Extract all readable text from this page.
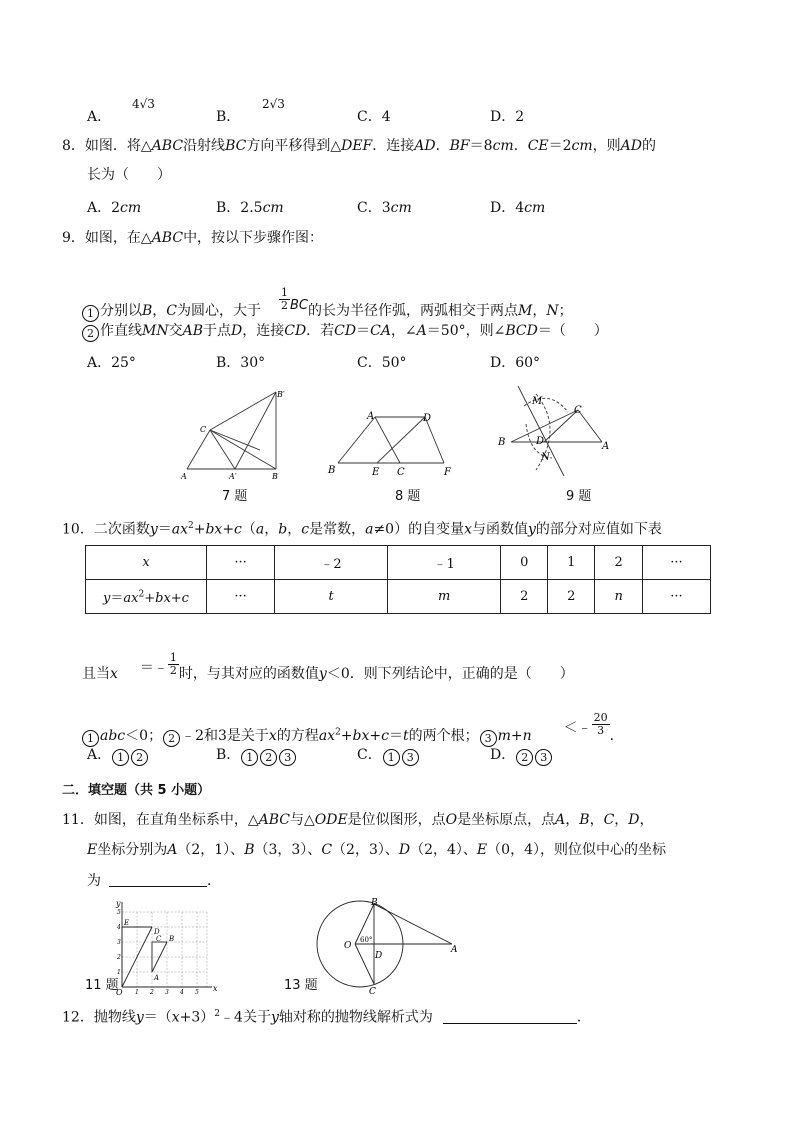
A．
4√3
B．
2√3
C．4	D．2
8．如图．将△ABC沿射线BC方向平移得到△DEF．连接AD．BF＝8cm．CE＝2cm，则AD的
长为（　　）
A．2cm	B．2.5cm	C．3cm	D．4cm
9．如图，在△ABC中，按以下步骤作图：
1 分别以B，C为圆心，大于 $\frac{1}{2}$ BC的长为半径作弧，两弧相交于两点M，N；
2 作直线MN交AB于点D，连接CD．若CD＝CA，∠A＝50°，则∠BCD＝（　　）
A．25°	B．30°	C．50°	D．60°
C
A	A′	B
B′
7 题
A	D
B	E C	F
8 题
M
C
B	D	A
N
9 题
10．二次函数$y=ax^2+bx+c(a$，b，c是常数，a≠0）的自变量x与函数值y的部分对应值如下表
x	···	﹣2	﹣1	0	1	2	···
$y=ax^2+bx+c$	···	t	m	2	2	n	···
且当x ＝﹣ $\frac{1}{2}$ 时，与其对应的函数值y＜0．则下列结论中，正确的是（　　）
1 abc＜0； 2 ﹣2和3是关于x的方程$ax^2+bx+c=t$的两个根； 3 m+n ＜﹣ $\frac{20}{3}$ ．
A． 1 2	B． 1 2 3	C． 1 3	D． 2 3
二．填空题（共 5 小题）
11．如图，在直角坐标系中，△ABC与△ODE是位似图形，点O是坐标原点，点A，B，C，D，
E坐标分别为A（2，1）、B（3，3）、C（2，3）、D（2，4）、E（0，4），则位似中心的坐标
为	．
y
x
O
E
D
C B
A
5
4
3
2
1
1 2 3 4 5
11 题
B
O
60°
D
A
C
13 题
12．抛物线$y=(x+3)^2﹣4$关于y轴对称的抛物线解析式为	．
